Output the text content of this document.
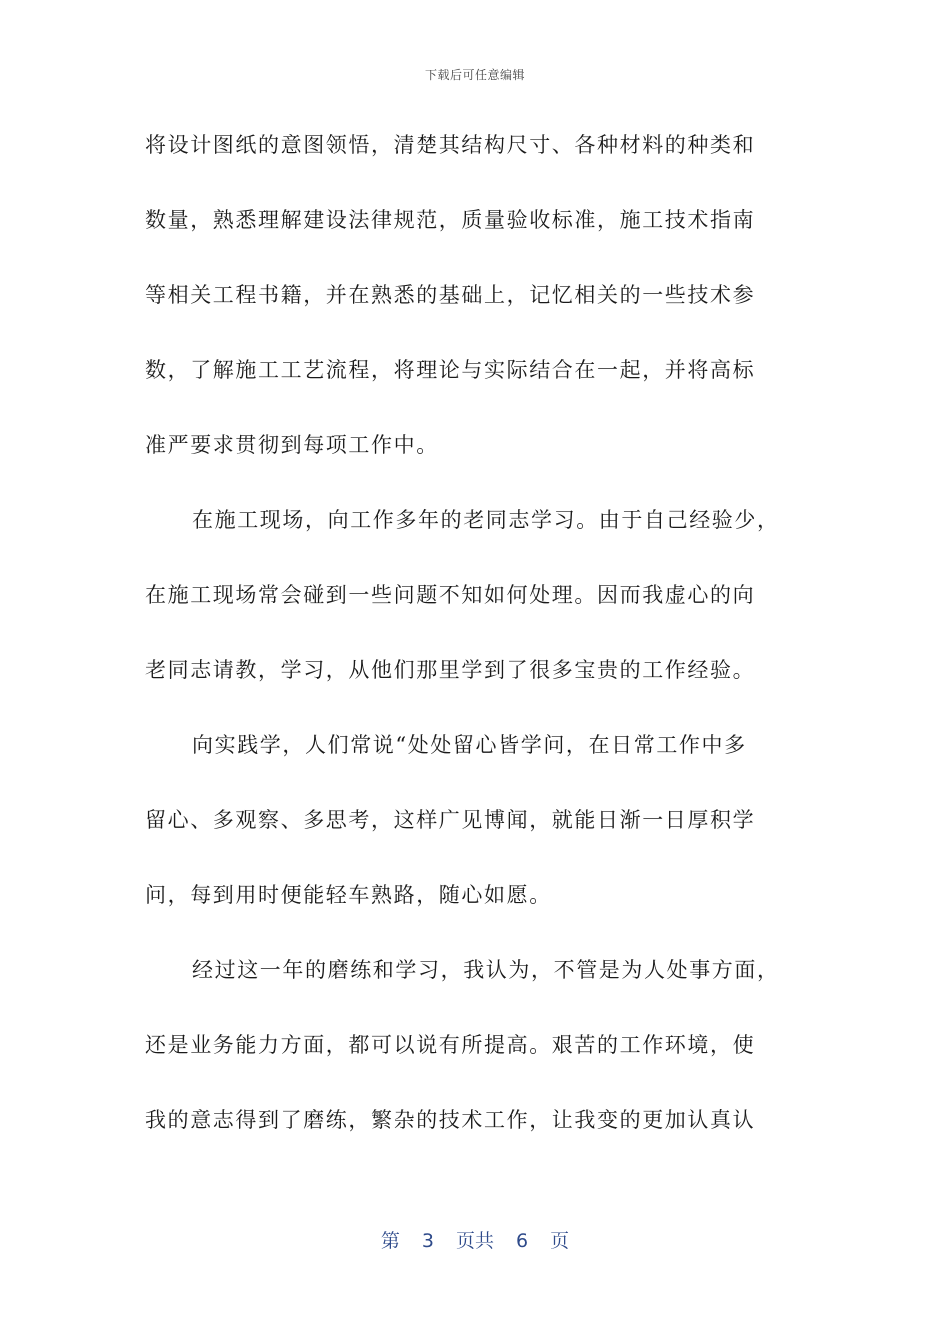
下载后可任意编辑
将设计图纸的意图领悟，清楚其结构尺寸、各种材料的种类和
数量，熟悉理解建设法律规范，质量验收标准，施工技术指南
等相关工程书籍，并在熟悉的基础上，记忆相关的一些技术参
数，了解施工工艺流程，将理论与实际结合在一起，并将高标
准严要求贯彻到每项工作中。
在施工现场，向工作多年的老同志学习。由于自己经验少，
在施工现场常会碰到一些问题不知如何处理。因而我虚心的向
老同志请教，学习，从他们那里学到了很多宝贵的工作经验。
向实践学，人们常说“处处留心皆学问，在日常工作中多
留心、多观察、多思考，这样广见博闻，就能日渐一日厚积学
问，每到用时便能轻车熟路，随心如愿。
经过这一年的磨练和学习，我认为，不管是为人处事方面，
还是业务能力方面，都可以说有所提高。艰苦的工作环境，使
我的意志得到了磨练，繁杂的技术工作，让我变的更加认真认
第 3 页共 6 页
